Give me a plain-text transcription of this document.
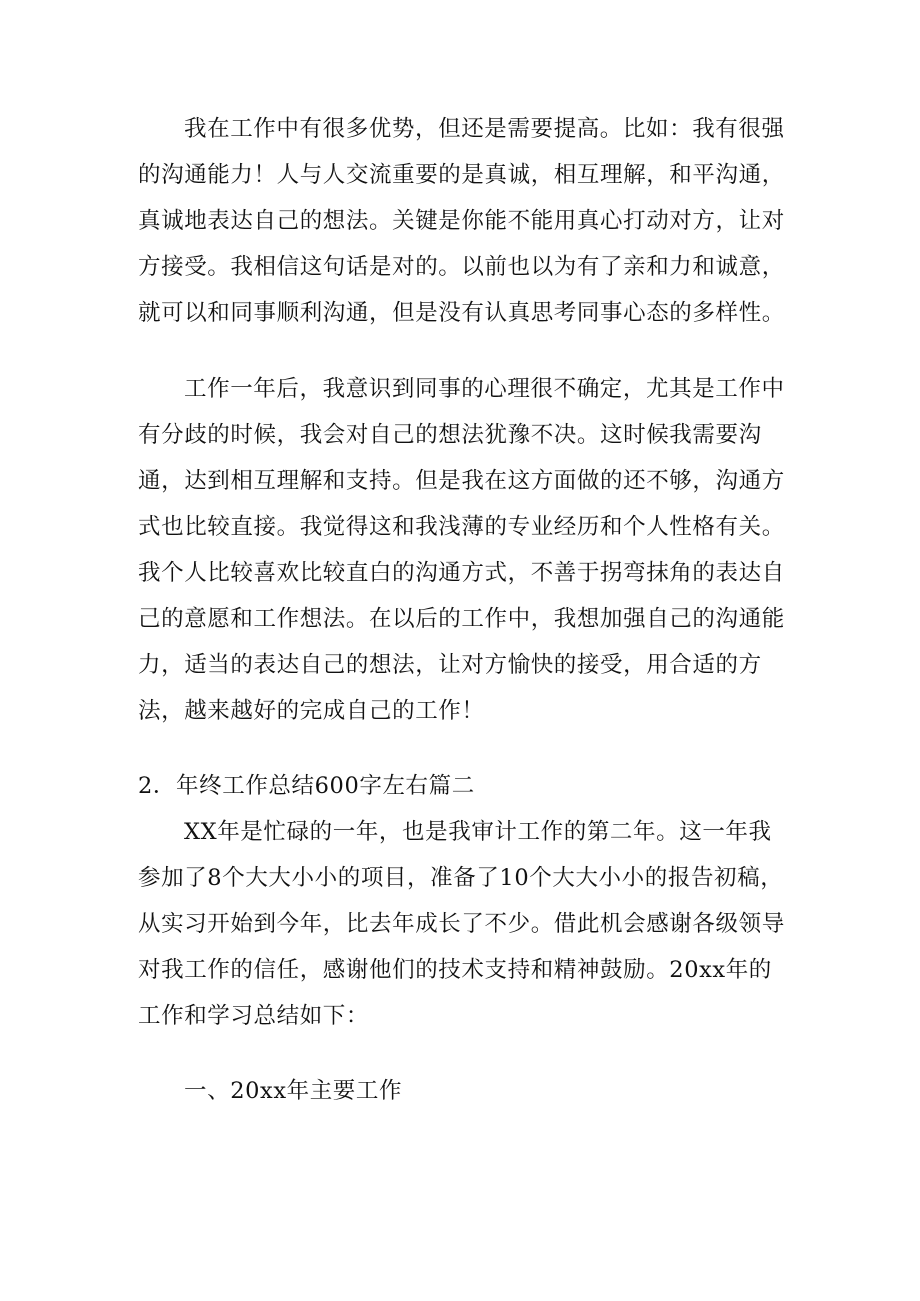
我在工作中有很多优势，但还是需要提高。比如：我有很强的沟通能力！人与人交流重要的是真诚，相互理解，和平沟通，真诚地表达自己的想法。关键是你能不能用真心打动对方，让对方接受。我相信这句话是对的。以前也以为有了亲和力和诚意，就可以和同事顺利沟通，但是没有认真思考同事心态的多样性。

工作一年后，我意识到同事的心理很不确定，尤其是工作中有分歧的时候，我会对自己的想法犹豫不决。这时候我需要沟通，达到相互理解和支持。但是我在这方面做的还不够，沟通方式也比较直接。我觉得这和我浅薄的专业经历和个人性格有关。我个人比较喜欢比较直白的沟通方式，不善于拐弯抹角的表达自己的意愿和工作想法。在以后的工作中，我想加强自己的沟通能力，适当的表达自己的想法，让对方愉快的接受，用合适的方法，越来越好的完成自己的工作！

2．年终工作总结600字左右篇二

XX年是忙碌的一年，也是我审计工作的第二年。这一年我参加了8个大大小小的项目，准备了10个大大小小的报告初稿，从实习开始到今年，比去年成长了不少。借此机会感谢各级领导对我工作的信任，感谢他们的技术支持和精神鼓励。20xx年的工作和学习总结如下：

一、20xx年主要工作
